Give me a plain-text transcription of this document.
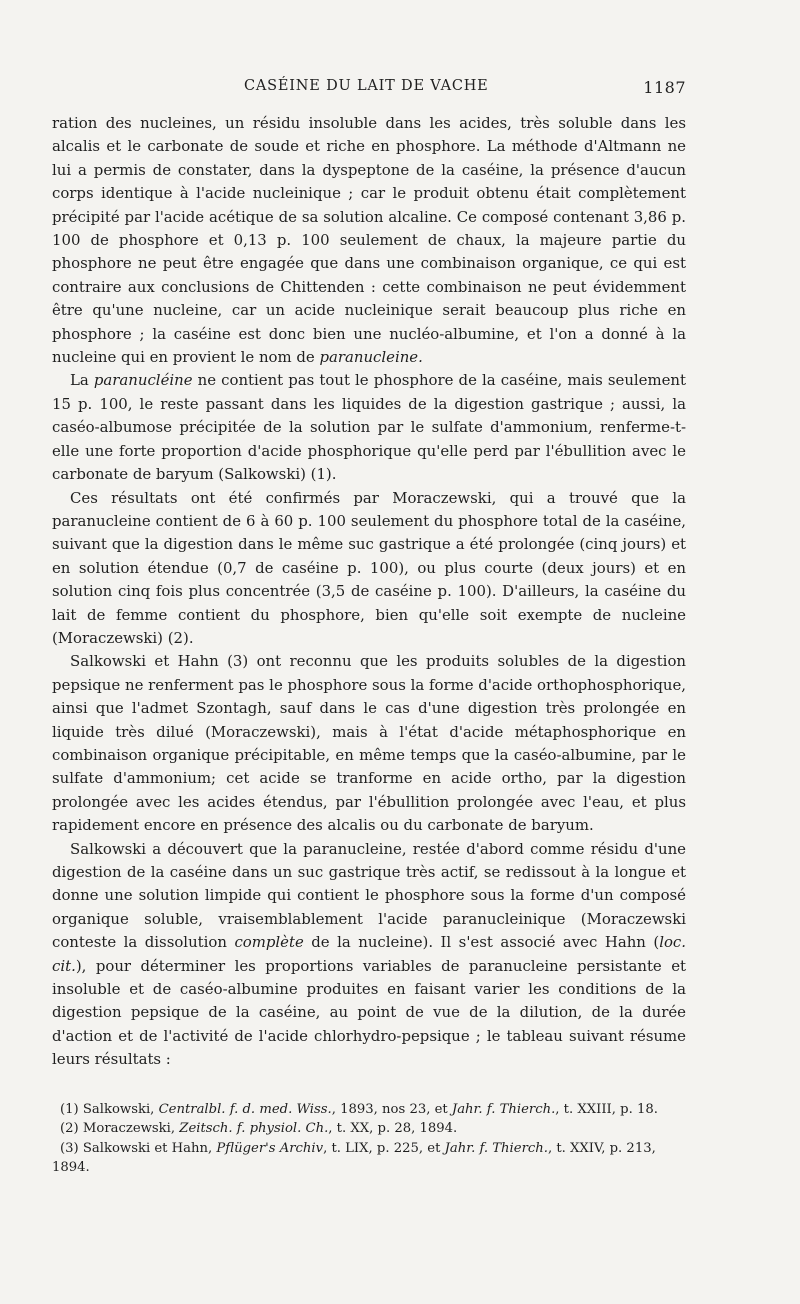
CASÉINE DU LAIT DE VACHE	1187

ration des nucleines, un résidu insoluble dans les acides, très soluble dans les alcalis et le carbonate de soude et riche en phosphore. La méthode d'Altmann ne lui a permis de constater, dans la dyspeptone de la caséine, la présence d'aucun corps identique à l'acide nucleinique ; car le produit obtenu était complètement précipité par l'acide acétique de sa solution alcaline. Ce composé contenant 3,86 p. 100 de phosphore et 0,13 p. 100 seulement de chaux, la majeure partie du phosphore ne peut être engagée que dans une combinaison organique, ce qui est contraire aux conclusions de Chittenden : cette combinaison ne peut évidemment être qu'une nucleine, car un acide nucleinique serait beaucoup plus riche en phosphore ; la caséine est donc bien une nucléo-albumine, et l'on a donné à la nucleine qui en provient le nom de paranucleine.

La paranucléine ne contient pas tout le phosphore de la caséine, mais seulement 15 p. 100, le reste passant dans les liquides de la digestion gastrique ; aussi, la caséo-albumose précipitée de la solution par le sulfate d'ammonium, renferme-t-elle une forte proportion d'acide phosphorique qu'elle perd par l'ébullition avec le carbonate de baryum (Salkowski) (1).

Ces résultats ont été confirmés par Moraczewski, qui a trouvé que la paranucleine contient de 6 à 60 p. 100 seulement du phosphore total de la caséine, suivant que la digestion dans le même suc gastrique a été prolongée (cinq jours) et en solution étendue (0,7 de caséine p. 100), ou plus courte (deux jours) et en solution cinq fois plus concentrée (3,5 de caséine p. 100). D'ailleurs, la caséine du lait de femme contient du phosphore, bien qu'elle soit exempte de nucleine (Moraczewski) (2).

Salkowski et Hahn (3) ont reconnu que les produits solubles de la digestion pepsique ne renferment pas le phosphore sous la forme d'acide orthophosphorique, ainsi que l'admet Szontagh, sauf dans le cas d'une digestion très prolongée en liquide très dilué (Moraczewski), mais à l'état d'acide métaphosphorique en combinaison organique précipitable, en même temps que la caséo-albumine, par le sulfate d'ammonium; cet acide se tranforme en acide ortho, par la digestion prolongée avec les acides étendus, par l'ébullition prolongée avec l'eau, et plus rapidement encore en présence des alcalis ou du carbonate de baryum.

Salkowski a découvert que la paranucleine, restée d'abord comme résidu d'une digestion de la caséine dans un suc gastrique très actif, se redissout à la longue et donne une solution limpide qui contient le phosphore sous la forme d'un composé organique soluble, vraisemblablement l'acide paranucleinique (Moraczewski conteste la dissolution complète de la nucleine). Il s'est associé avec Hahn (loc. cit.), pour déterminer les proportions variables de paranucleine persistante et insoluble et de caséo-albumine produites en faisant varier les conditions de la digestion pepsique de la caséine, au point de vue de la dilution, de la durée d'action et de l'activité de l'acide chlorhydro-pepsique ; le tableau suivant résume leurs résultats :

(1) Salkowski, Centralbl. f. d. med. Wiss., 1893, nos 23, et Jahr. f. Thierch., t. XXIII, p. 18.

(2) Moraczewski, Zeitsch. f. physiol. Ch., t. XX, p. 28, 1894.

(3) Salkowski et Hahn, Pflüger's Archiv, t. LIX, p. 225, et Jahr. f. Thierch., t. XXIV, p. 213, 1894.
